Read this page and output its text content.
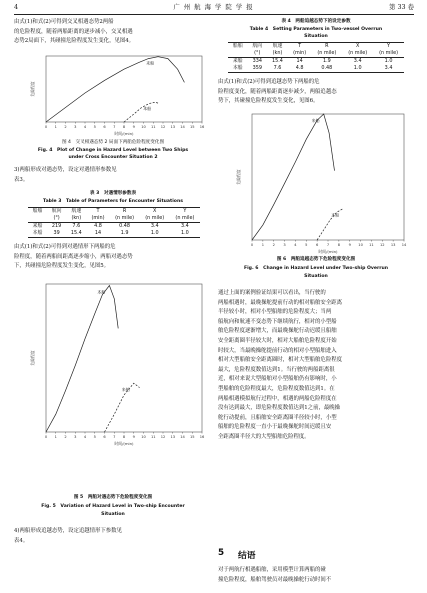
4	广 州 航 海 学 院 学 报	第 33 卷

由式(1)和式(2)可得到交叉相遇态势2两船
的危险程度，随着两船距离的逐步减小，交叉相遇
态势2局面下，其碰撞危险程度发生变化，见图4。

0 1 2 3 4 5 6 7 8 9 10 11 12 13 14 15 16
时间/(min)
危险程度
来船
本船
图 4　交叉相遇态势 2 局面下两船危险程度变化图
Fig. 4　Plot of Change in Hazard Level between Two Ships
under Cross Encounter Situation 2

3)两船形成对遇态势，设定对遇情形参数见
表3。

表 3　对遇情形参数表
Table 3　Table of Parameters for Encounter Situations
船舶	航向	航速	T	R	X	Y
	(°)	(kn)	(min)	(n mile)	(n mile)	(n mile)
来船	219	7.6	4.8	0.48	3.4	3.4
本船	39	15.4	14	1.9	1.0	1.0

由式(1)和式(2)可得到对遇情形下两船的危
险程度，随着两船间距离逐步缩小，两船对遇态势
下，其碰撞危险程度发生变化，见图5。

0 1 2 3 4 5 6 7 8 9 10 11 12 13 14 15 16
时间/(min)
危险程度
本船
来船
图 5　两船对遇态势下危险程度变化图
Fig. 5　Variation of Hazard Level in Two-ship Encounter
Situation

4)两船形成追越态势，设定追越情形下参数见
表4。

表 4　两船追越态势下的设定参数
Table 4　Setting Parameters in Two-vessel Overrun
Situation
船舶	航向	航速	T	R	X	Y
	(°)	(kn)	(min)	(n mile)	(n mile)	(n mile)
来船	334	15.4	14	1.9	3.4	1.0
本船	359	7.6	4.8	0.48	1.0	3.4

由式(1)和式(2)可得到追越态势下两船的危
险程度变化，随着两船距离逐步减少，两船追越态
势下，其碰撞危险程度发生变化，见图6。

0 1 2 3 4 5 6 7 8 9 10 11 12 13 14
时间/(min)
危险程度
来船
本船
图 6　两船追越态势下危险程度变化图
Fig. 6　Change in Hazard Level under Two-ship Overrun
Situation

通过上面的案例验证结果可以看出，当行驶的
两船相遇时，最晚操舵提前行动的相对船舶安全距离
半径较小时，相对小型船舶的危险程度大；当两
船航向和航速不变态势下继续航行，相对的小型船
舶危险程度逐渐增大，而最晚操舵行动迟缓且船舶
安全距离圈半径较大时，相对大船舶危险程度开始
时较大，当最晚操舵提前行动的相对小型船舶进入
相对大型船舶安全距离圈时，相对大型船舶危险程度
最大，危险程度数值达到1。当行驶的两船距离很
近，相对来说大型船舶对小型船舶仍有影响时，小
型船舶的危险程度最大，危险程度数值达到1。在
两船相遇模拟航行过程中，相遇的两船危险程度在
没有达到最大，即危险程度数值达到1之前，最晚操
舵行动提前，且船舶安全距离圈半径较小时，小型
船舶的危险程度一直小于最晚操舵时间迟缓且安
全距离圈半径大的大型船舶危险程度。

5 结语

对于两航行相遇船舶，采用模型计算两船的碰
撞危险程度，船舶驾驶员对最晚操舵行动时间不
